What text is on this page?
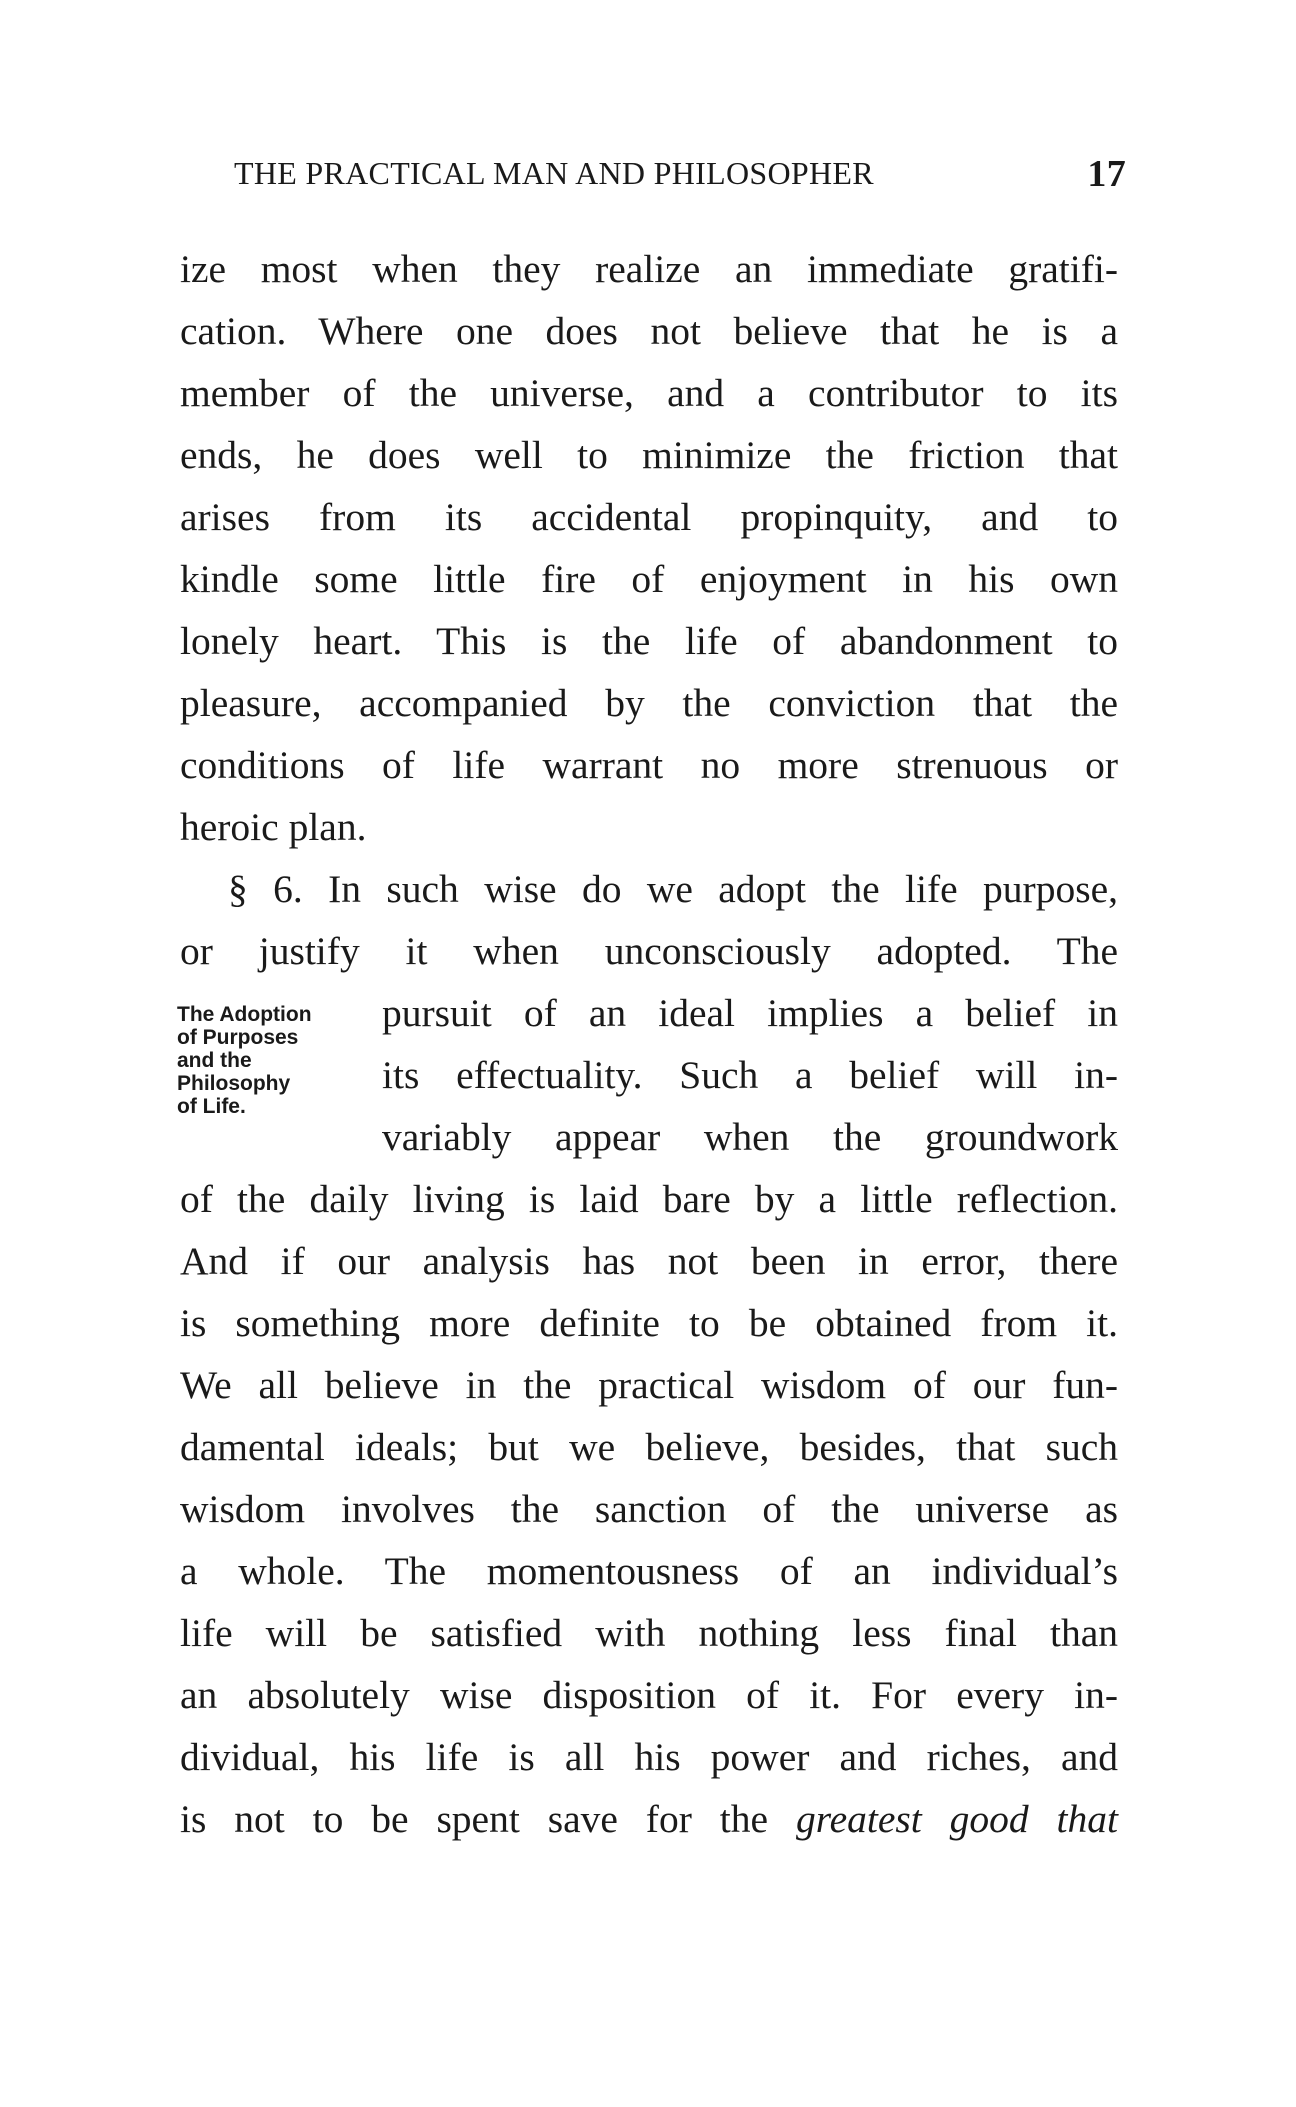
THE PRACTICAL MAN AND PHILOSOPHER	17
ize most when they realize an immediate gratifi-
cation. Where one does not believe that he is a
member of the universe, and a contributor to its
ends, he does well to minimize the friction that
arises from its accidental propinquity, and to
kindle some little fire of enjoyment in his own
lonely heart. This is the life of abandonment to
pleasure, accompanied by the conviction that the
conditions of life warrant no more strenuous or
heroic plan.
§ 6. In such wise do we adopt the life purpose,
or justify it when unconsciously adopted. The
The Adoption
of Purposes
and the
Philosophy
of Life.
pursuit of an ideal implies a belief in
its effectuality. Such a belief will in-
variably appear when the groundwork
of the daily living is laid bare by a little reflection.
And if our analysis has not been in error, there
is something more definite to be obtained from it.
We all believe in the practical wisdom of our fun-
damental ideals; but we believe, besides, that such
wisdom involves the sanction of the universe as
a whole. The momentousness of an individual’s
life will be satisfied with nothing less final than
an absolutely wise disposition of it. For every in-
dividual, his life is all his power and riches, and
is not to be spent save for the greatest good that
